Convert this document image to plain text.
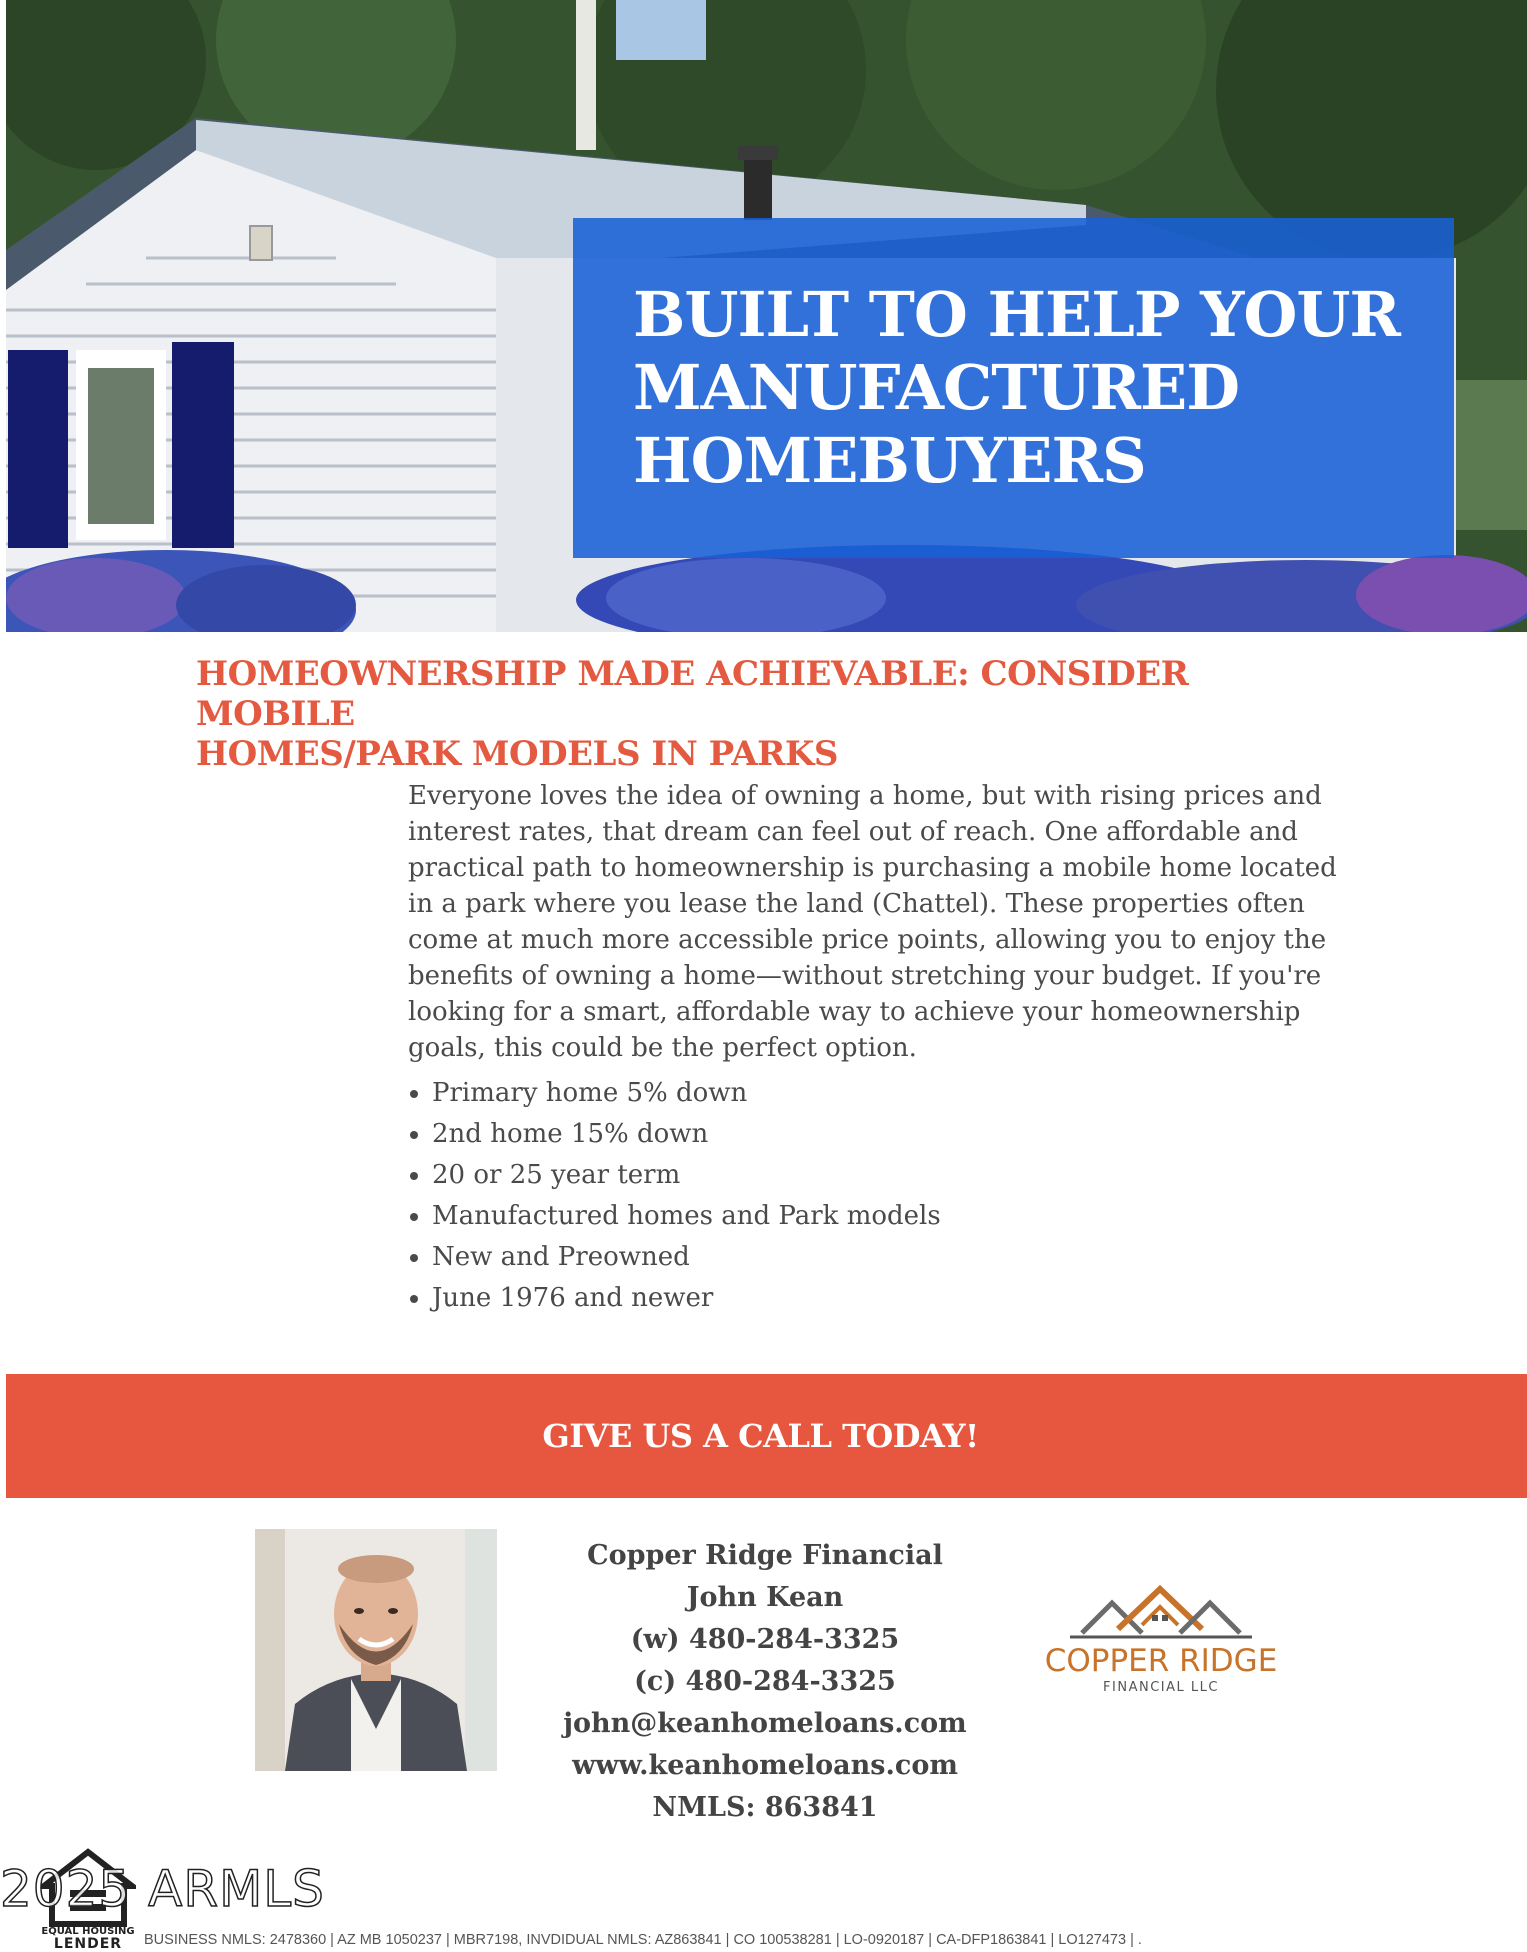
BUILT TO HELP YOUR
MANUFACTURED
HOMEBUYERS
HOMEOWNERSHIP MADE ACHIEVABLE: CONSIDER MOBILE
HOMES/PARK MODELS IN PARKS
Everyone loves the idea of owning a home, but with rising prices and interest rates, that dream can feel out of reach. One affordable and practical path to homeownership is purchasing a mobile home located in a park where you lease the land (Chattel). These properties often come at much more accessible price points, allowing you to enjoy the benefits of owning a home—without stretching your budget. If you're looking for a smart, affordable way to achieve your homeownership goals, this could be the perfect option.
Primary home 5% down
2nd home 15% down
20 or 25 year term
Manufactured homes and Park models
New and Preowned
June 1976 and newer
GIVE US A CALL TODAY!
Copper Ridge Financial
John Kean
(w) 480-284-3325
(c) 480-284-3325
john@keanhomeloans.com
www.keanhomeloans.com
NMLS: 863841
COPPER RIDGE
FINANCIAL LLC
EQUAL HOUSING
LENDER
2025 ARMLS
BUSINESS NMLS: 2478360 | AZ MB 1050237 | MBR7198, INVDIDUAL NMLS: AZ863841 | CO 100538281 | LO-0920187 | CA-DFP1863841 | LO127473 | .
